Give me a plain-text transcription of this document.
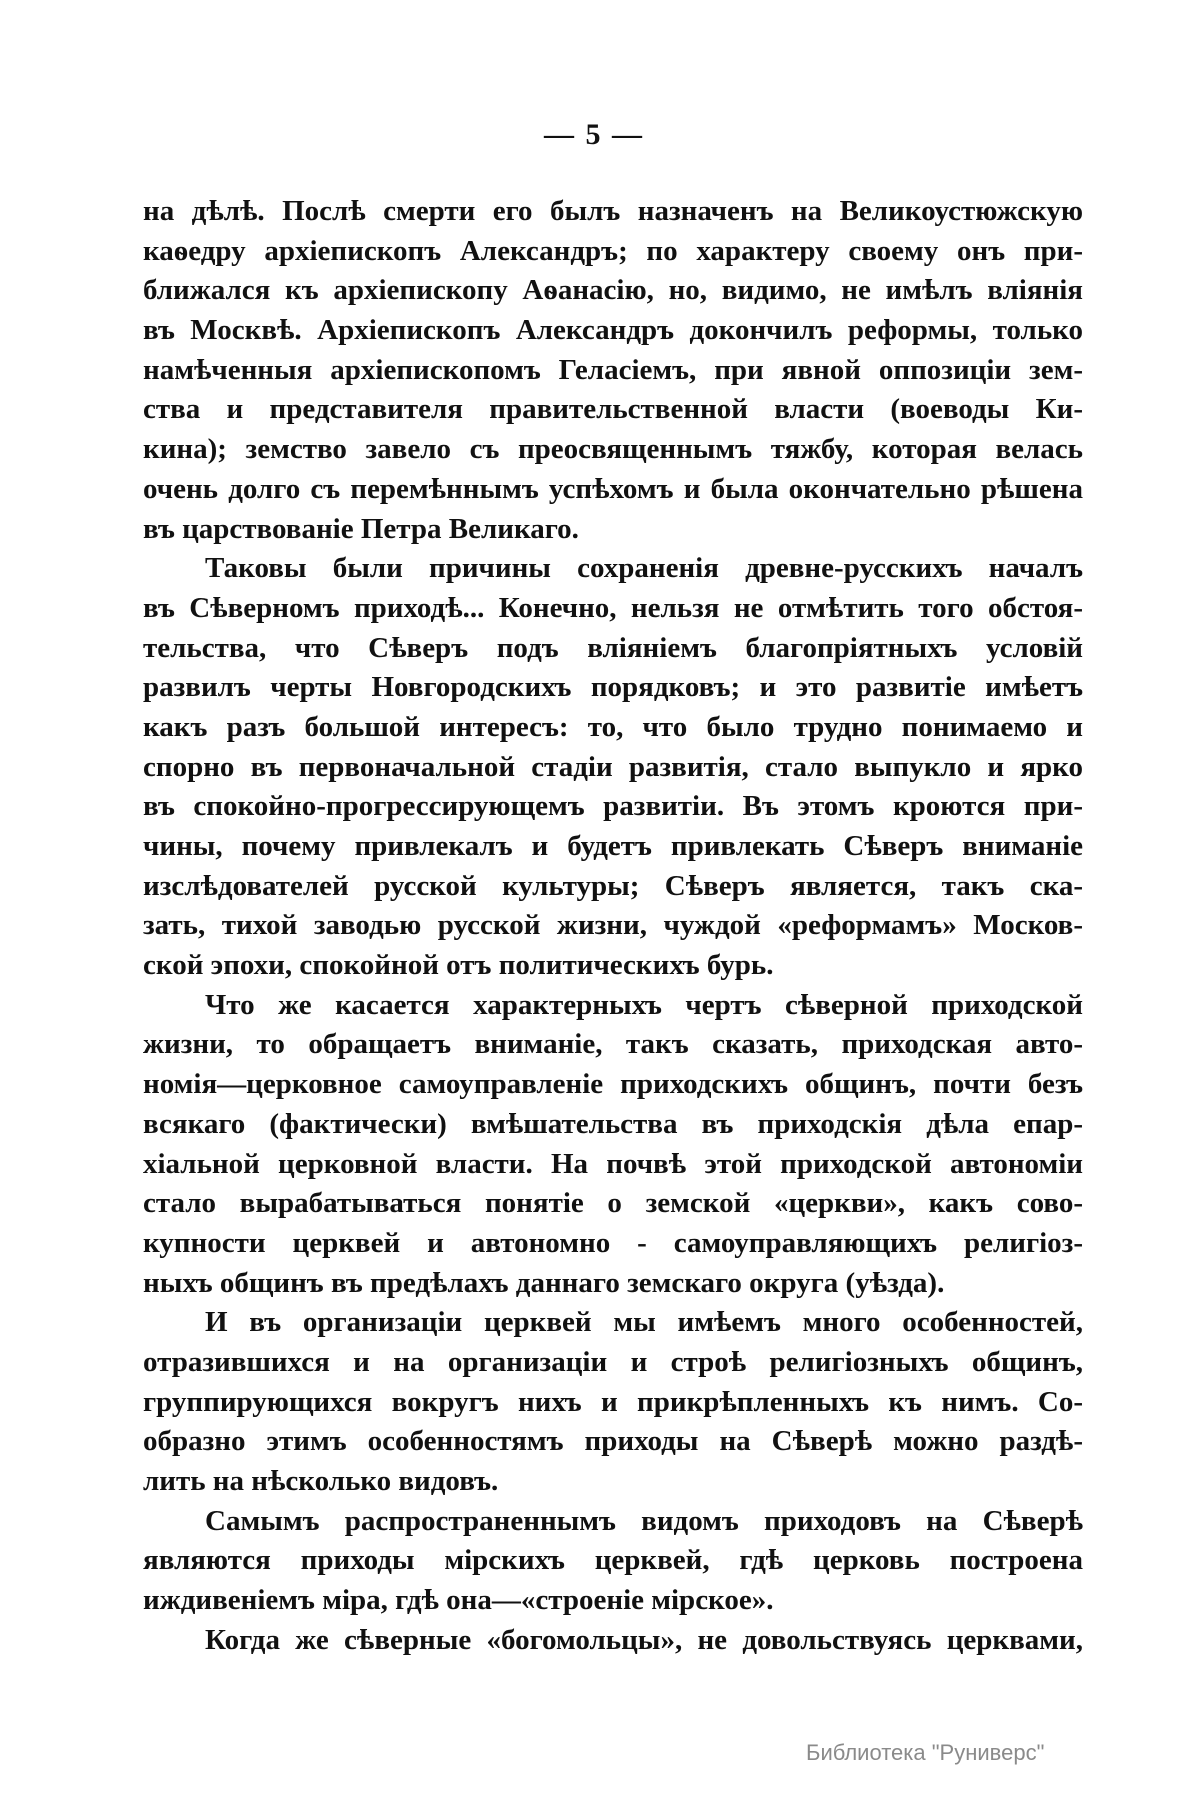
— 5 —
на дѣлѣ. Послѣ смерти его былъ назначенъ на Великоустюжскую
каѳедру архіепископъ Александръ; по характеру своему онъ при-
ближался къ архіепископу Аѳанасію, но, видимо, не имѣлъ вліянія
въ Москвѣ. Архіепископъ Александръ докончилъ реформы, только
намѣченныя архіепископомъ Геласіемъ, при явной оппозиціи зем-
ства и представителя правительственной власти (воеводы Ки-
кина); земство завело съ преосвященнымъ тяжбу, которая велась
очень долго съ перемѣннымъ успѣхомъ и была окончательно рѣшена
въ царствованіе Петра Великаго.
Таковы были причины сохраненія древне-русскихъ началъ
въ Сѣверномъ приходѣ... Конечно, нельзя не отмѣтить того обстоя-
тельства, что Сѣверъ подъ вліяніемъ благопріятныхъ условій
развилъ черты Новгородскихъ порядковъ; и это развитіе имѣетъ
какъ разъ большой интересъ: то, что было трудно понимаемо и
спорно въ первоначальной стадіи развитія, стало выпукло и ярко
въ спокойно-прогрессирующемъ развитіи. Въ этомъ кроются при-
чины, почему привлекалъ и будетъ привлекать Сѣверъ вниманіе
изслѣдователей русской культуры; Сѣверъ является, такъ ска-
зать, тихой заводью русской жизни, чуждой «реформамъ» Москов-
ской эпохи, спокойной отъ политическихъ бурь.
Что же касается характерныхъ чертъ сѣверной приходской
жизни, то обращаетъ вниманіе, такъ сказать, приходская авто-
номія—церковное самоуправленіе приходскихъ общинъ, почти безъ
всякаго (фактически) вмѣшательства въ приходскія дѣла епар-
хіальной церковной власти. На почвѣ этой приходской автономіи
стало вырабатываться понятіе о земской «церкви», какъ сово-
купности церквей и автономно - самоуправляющихъ религіоз-
ныхъ общинъ въ предѣлахъ даннаго земскаго округа (уѣзда).
И въ организаціи церквей мы имѣемъ много особенностей,
отразившихся и на организаціи и строѣ религіозныхъ общинъ,
группирующихся вокругъ нихъ и прикрѣпленныхъ къ нимъ. Со-
образно этимъ особенностямъ приходы на Сѣверѣ можно раздѣ-
лить на нѣсколько видовъ.
Самымъ распространеннымъ видомъ приходовъ на Сѣверѣ
являются приходы мірскихъ церквей, гдѣ церковь построена
иждивеніемъ міра, гдѣ она—«строеніе мірское».
Когда же сѣверные «богомольцы», не довольствуясь церквами,
Библиотека "Руниверс"
